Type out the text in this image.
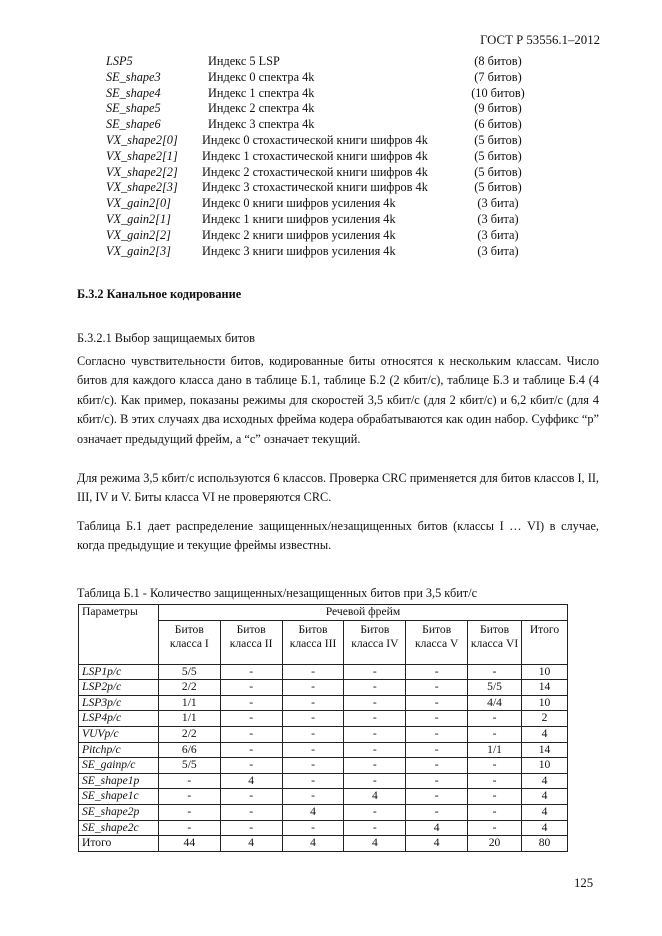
ГОСТ Р 53556.1–2012
LSP5	Индекс 5 LSP	(8 битов)
SE_shape3	Индекс 0 спектра 4k	(7 битов)
SE_shape4	Индекс 1 спектра 4k	(10 битов)
SE_shape5	Индекс 2 спектра 4k	(9 битов)
SE_shape6	Индекс 3 спектра 4k	(6 битов)
VX_shape2[0] Индекс 0 стохастической книги шифров 4k	(5 битов)
VX_shape2[1] Индекс 1 стохастической книги шифров 4k	(5 битов)
VX_shape2[2] Индекс 2 стохастической книги шифров 4k	(5 битов)
VX_shape2[3] Индекс 3 стохастической книги шифров 4k	(5 битов)
VX_gain2[0]	Индекс 0 книги шифров усиления 4k	(3 бита)
VX_gain2[1]	Индекс 1 книги шифров усиления 4k	(3 бита)
VX_gain2[2]	Индекс 2 книги шифров усиления 4k	(3 бита)
VX_gain2[3]	Индекс 3 книги шифров усиления 4k	(3 бита)
Б.3.2 Канальное кодирование
Б.3.2.1 Выбор защищаемых битов
Согласно чувствительности битов, кодированные биты относятся к нескольким классам. Число битов для каждого класса дано в таблице Б.1, таблице Б.2 (2 кбит/с), таблице Б.3 и таблице Б.4 (4 кбит/с). Как пример, показаны режимы для скоростей 3,5 кбит/с (для 2 кбит/с) и 6,2 кбит/с (для 4 кбит/с). В этих случаях два исходных фрейма кодера обрабатываются как один набор. Суффикс “p” означает предыдущий фрейм, а “c” означает текущий.
Для режима 3,5 кбит/с используются 6 классов. Проверка CRC применяется для битов классов I, II, III, IV и V. Биты класса VI не проверяются CRC.
Таблица Б.1 дает распределение защищенных/незащищенных битов (классы I … VI) в случае, когда предыдущие и текущие фреймы известны.
Таблица Б.1 - Количество защищенных/незащищенных битов при 3,5 кбит/с
Параметры	Речевой фрейм						
	Битов класса I	Битов класса II	Битов класса III	Битов класса IV	Битов класса V	Битов класса VI	Итого
LSP1p/c	5/5	-	-	-	-	-	10
LSP2p/c	2/2	-	-	-	-	5/5	14
LSP3p/c	1/1	-	-	-	-	4/4	10
LSP4p/c	1/1	-	-	-	-	-	2
VUVp/c	2/2	-	-	-	-	-	4
Pitchp/c	6/6	-	-	-	-	1/1	14
SE_gainp/c	5/5	-	-	-	-	-	10
SE_shape1p	-	4	-	-	-	-	4
SE_shape1c	-	-	-	4	-	-	4
SE_shape2p	-	-	4	-	-	-	4
SE_shape2c	-	-	-	-	4	-	4
Итого	44	4	4	4	4	20	80
125
